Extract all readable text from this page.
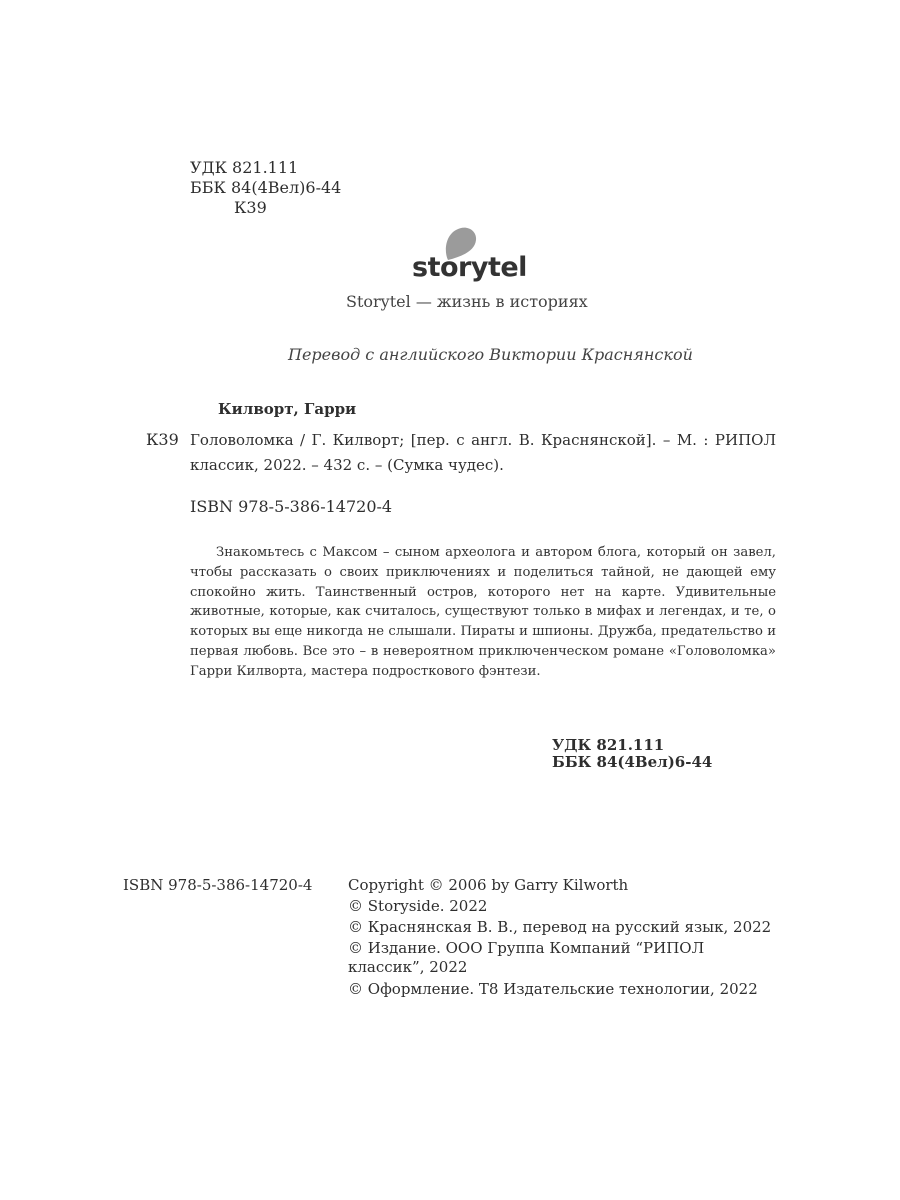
УДК 821.111
ББК 84(4Вел)6-44
К39
storytel
Storytel — жизнь в историях
Перевод с английского Виктории Краснянской
Килворт, Гарри
К39 Головоломка / Г. Килворт; [пер. с англ. В. Краснянской]. – М. : РИПОЛ
классик, 2022. – 432 с. – (Сумка чудес).
ISBN 978-5-386-14720-4
Знакомьтесь с Максом – сыном археолога и автором блога, который он завел, чтобы рассказать о своих приключениях и поделиться тайной, не дающей ему спокойно жить. Таинственный остров, которого нет на карте. Удивительные животные, которые, как считалось, существуют только в мифах и легендах, и те, о которых вы еще никогда не слышали. Пираты и шпионы. Дружба, предательство и первая любовь. Все это – в невероятном приключенческом романе «Головоломка» Гарри Килворта, мастера подросткового фэнтези.
УДК 821.111
ББК 84(4Вел)6-44
ISBN 978-5-386-14720-4 Copyright © 2006 by Garry Kilworth
© Storyside. 2022
© Краснянская В. В., перевод на русский язык, 2022
© Издание. ООО Группа Компаний “РИПОЛ классик”, 2022
© Оформление. Т8 Издательские технологии, 2022
